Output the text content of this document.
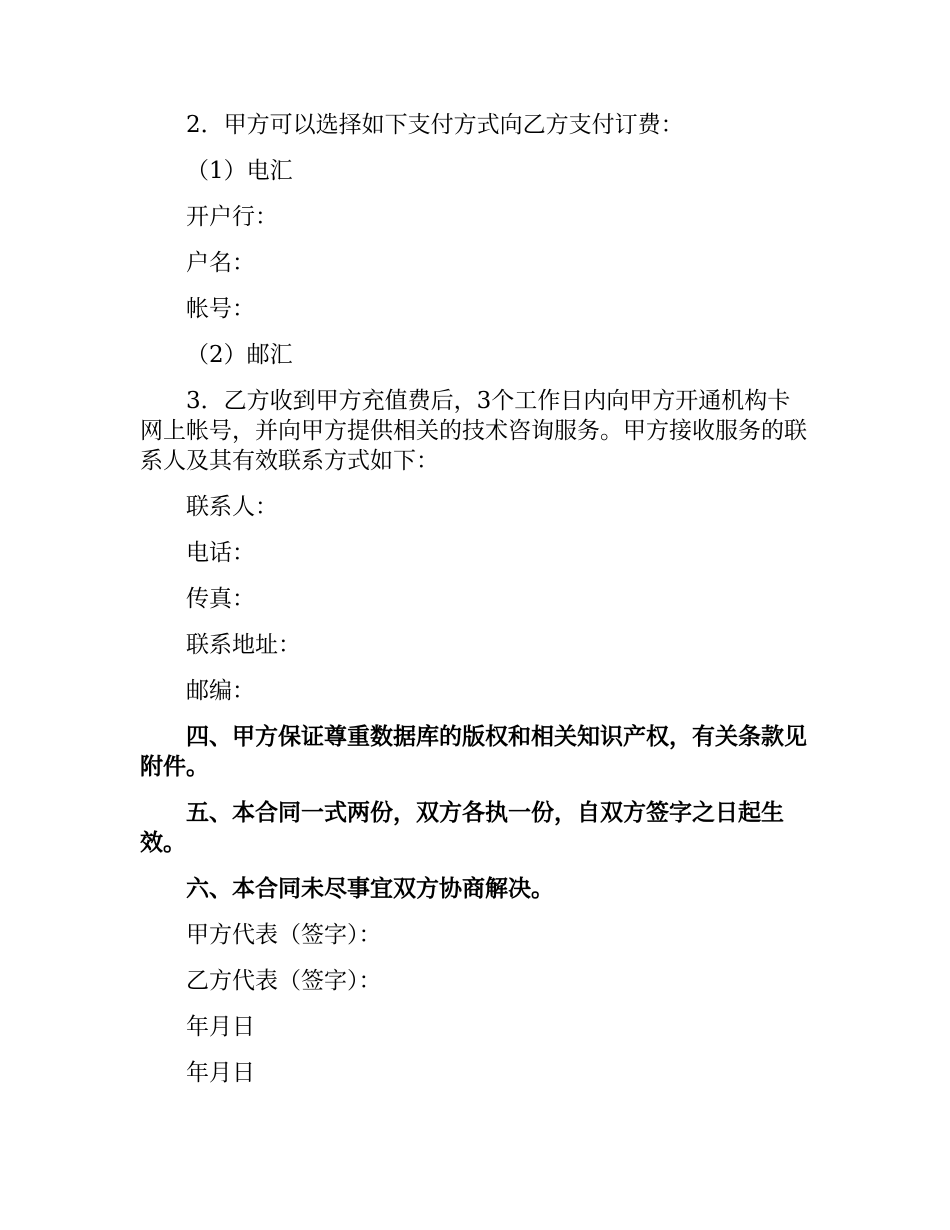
2．甲方可以选择如下支付方式向乙方支付订费：

（1）电汇

开户行：

户名：

帐号：

（2）邮汇

3．乙方收到甲方充值费后，3个工作日内向甲方开通机构卡网上帐号，并向甲方提供相关的技术咨询服务。甲方接收服务的联系人及其有效联系方式如下：

联系人：

电话：

传真：

联系地址：

邮编：

四、甲方保证尊重数据库的版权和相关知识产权，有关条款见附件。

五、本合同一式两份，双方各执一份，自双方签字之日起生效。

六、本合同未尽事宜双方协商解决。

甲方代表（签字）：

乙方代表（签字）：

年月日

年月日
